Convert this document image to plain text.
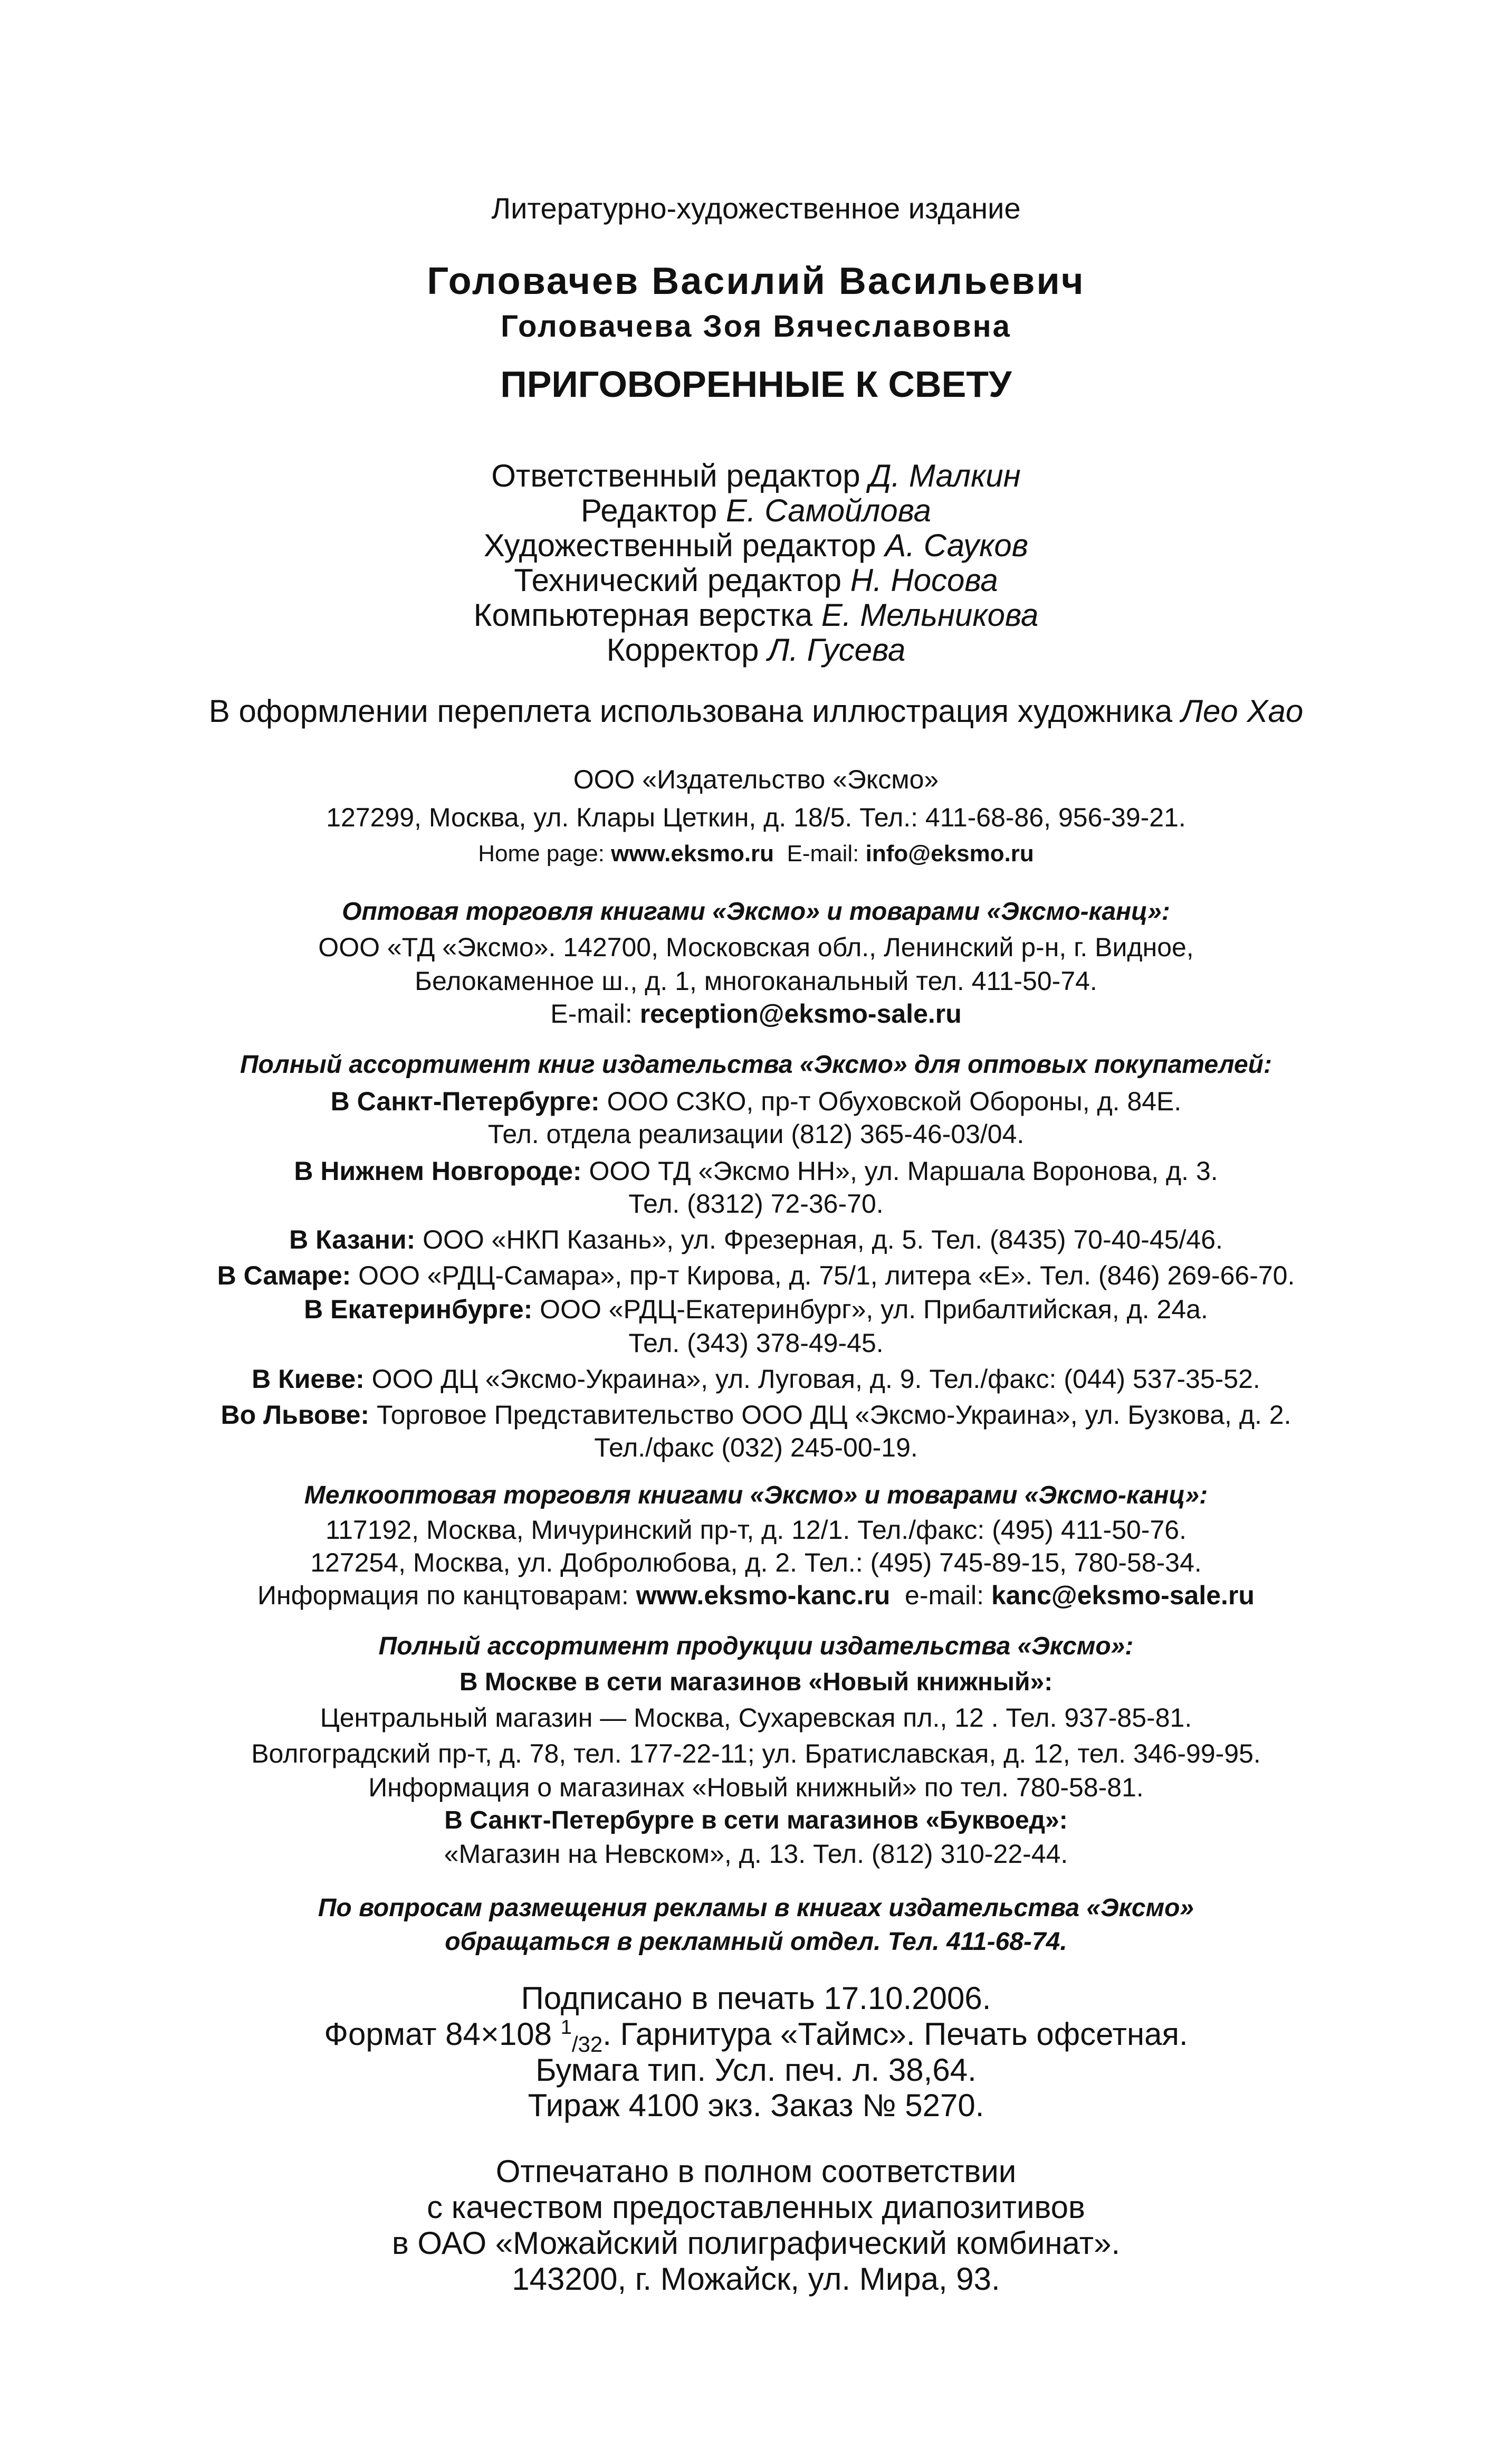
Литературно-художественное издание
Головачев Василий Васильевич
Головачева Зоя Вячеславовна
ПРИГОВОРЕННЫЕ К СВЕТУ
Ответственный редактор Д. Малкин
Редактор Е. Самойлова
Художественный редактор А. Сауков
Технический редактор Н. Носова
Компьютерная верстка Е. Мельникова
Корректор Л. Гусева
В оформлении переплета использована иллюстрация художника Лео Хао
ООО «Издательство «Эксмо»
127299, Москва, ул. Клары Цеткин, д. 18/5. Тел.: 411-68-86, 956-39-21.
Home page: www.eksmo.ru  E-mail: info@eksmo.ru
Оптовая торговля книгами «Эксмо» и товарами «Эксмо-канц»:
ООО «ТД «Эксмо». 142700, Московская обл., Ленинский р-н, г. Видное,
Белокаменное ш., д. 1, многоканальный тел. 411-50-74.
E-mail: reception@eksmo-sale.ru
Полный ассортимент книг издательства «Эксмо» для оптовых покупателей:
В Санкт-Петербурге: ООО СЗКО, пр-т Обуховской Обороны, д. 84Е.
Тел. отдела реализации (812) 365-46-03/04.
В Нижнем Новгороде: ООО ТД «Эксмо НН», ул. Маршала Воронова, д. 3.
Тел. (8312) 72-36-70.
В Казани: ООО «НКП Казань», ул. Фрезерная, д. 5. Тел. (8435) 70-40-45/46.
В Самаре: ООО «РДЦ-Самара», пр-т Кирова, д. 75/1, литера «Е». Тел. (846) 269-66-70.
В Екатеринбурге: ООО «РДЦ-Екатеринбург», ул. Прибалтийская, д. 24а.
Тел. (343) 378-49-45.
В Киеве: ООО ДЦ «Эксмо-Украина», ул. Луговая, д. 9. Тел./факс: (044) 537-35-52.
Во Львове: Торговое Представительство ООО ДЦ «Эксмо-Украина», ул. Бузкова, д. 2.
Тел./факс (032) 245-00-19.
Мелкооптовая торговля книгами «Эксмо» и товарами «Эксмо-канц»:
117192, Москва, Мичуринский пр-т, д. 12/1. Тел./факс: (495) 411-50-76.
127254, Москва, ул. Добролюбова, д. 2. Тел.: (495) 745-89-15, 780-58-34.
Информация по канцтоварам: www.eksmo-kanc.ru  e-mail: kanc@eksmo-sale.ru
Полный ассортимент продукции издательства «Эксмо»:
В Москве в сети магазинов «Новый книжный»:
Центральный магазин — Москва, Сухаревская пл., 12 . Тел. 937-85-81.
Волгоградский пр-т, д. 78, тел. 177-22-11; ул. Братиславская, д. 12, тел. 346-99-95.
Информация о магазинах «Новый книжный» по тел. 780-58-81.
В Санкт-Петербурге в сети магазинов «Буквоед»:
«Магазин на Невском», д. 13. Тел. (812) 310-22-44.
По вопросам размещения рекламы в книгах издательства «Эксмо»
обращаться в рекламный отдел. Тел. 411-68-74.
Подписано в печать 17.10.2006.
Формат 84×108 $^1_{/32}$. Гарнитура «Таймс». Печать офсетная.
Бумага тип. Усл. печ. л. 38,64.
Тираж 4100 экз. Заказ № 5270.
Отпечатано в полном соответствии
с качеством предоставленных диапозитивов
в ОАО «Можайский полиграфический комбинат».
143200, г. Можайск, ул. Мира, 93.
